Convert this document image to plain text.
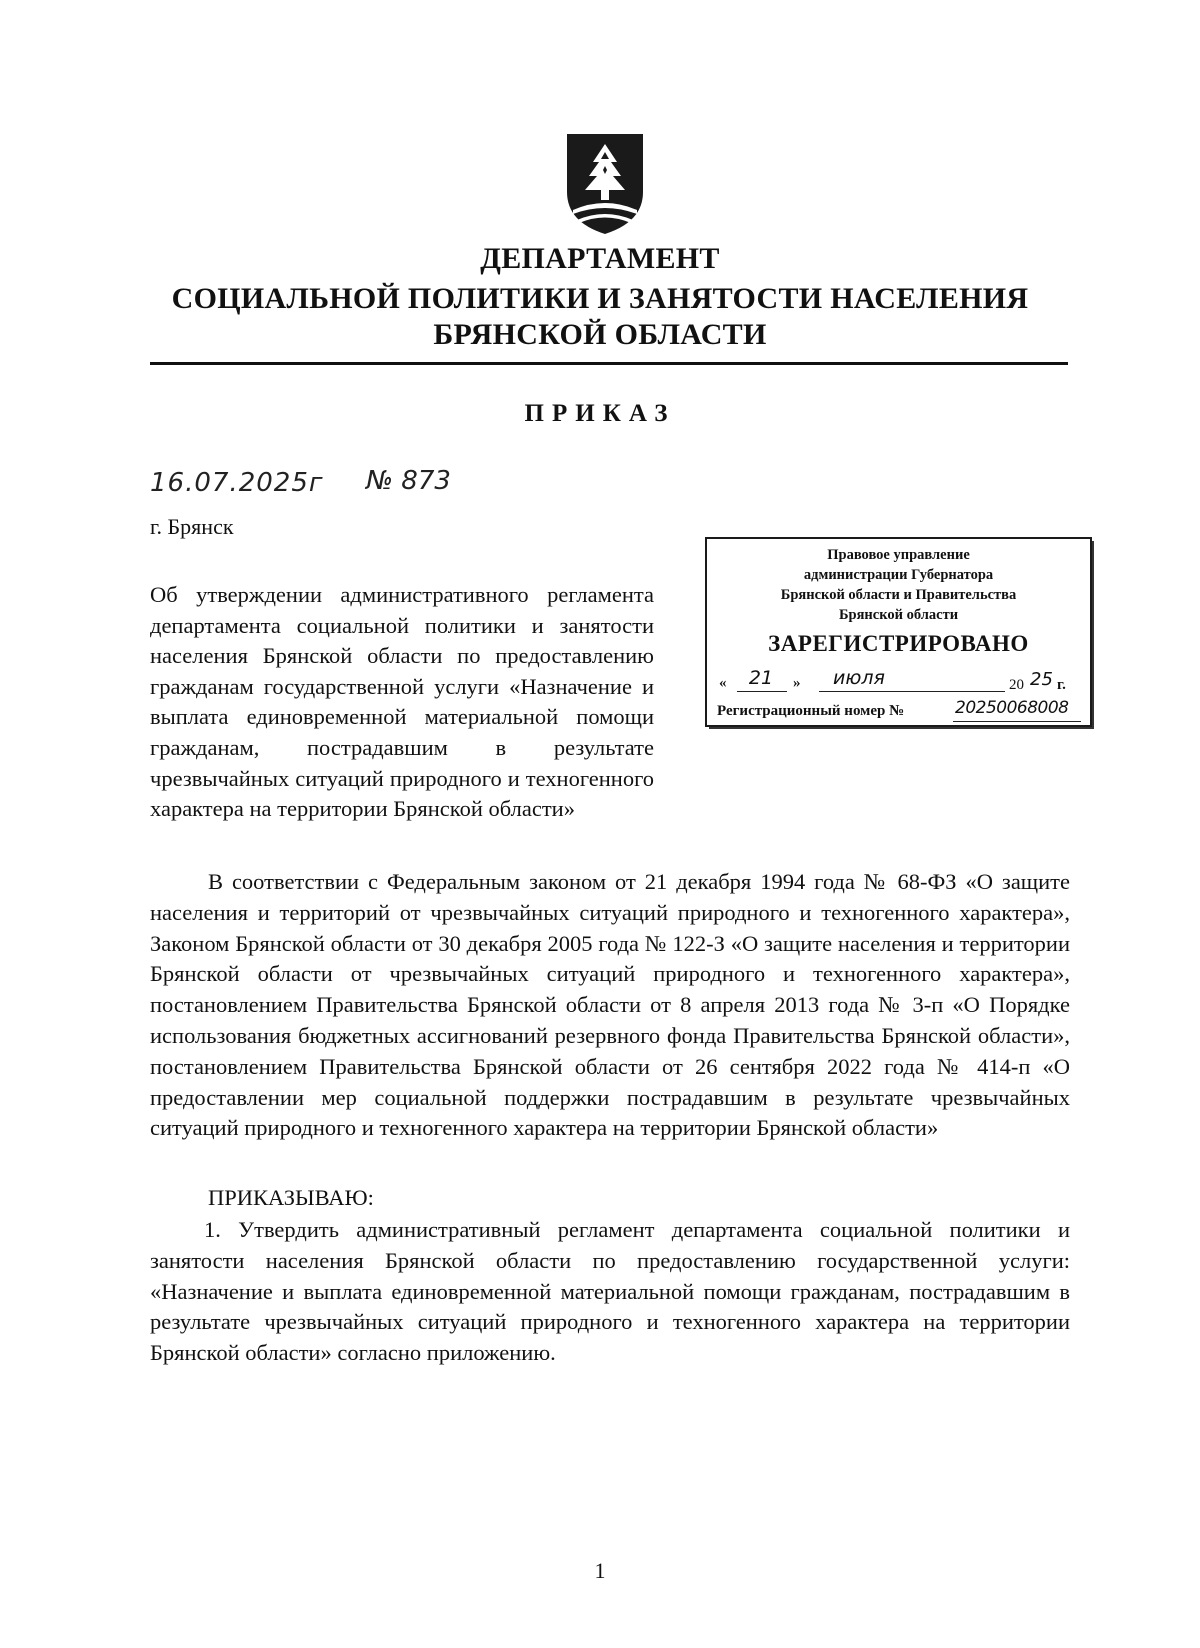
ДЕПАРТАМЕНТ
СОЦИАЛЬНОЙ ПОЛИТИКИ И ЗАНЯТОСТИ НАСЕЛЕНИЯ
БРЯНСКОЙ ОБЛАСТИ
ПРИКАЗ
16.07.2025г № 873
г. Брянск
Об утверждении административного регламента департамента социальной политики и занятости населения Брянской области по предоставлению гражданам государственной услуги «Назначение и выплата единовременной материальной помощи гражданам, пострадавшим в результате чрезвычайных ситуаций природного и техногенного характера на территории Брянской области»
Правовое управление
администрации Губернатора
Брянской области и Правительства
Брянской области
ЗАРЕГИСТРИРОВАНО
«	21	» июля	20 25 г.
Регистрационный номер №	20250068008
В соответствии с Федеральным законом от 21 декабря 1994 года № 68-ФЗ «О защите населения и территорий от чрезвычайных ситуаций природного и техногенного характера», Законом Брянской области от 30 декабря 2005 года № 122-З «О защите населения и территории Брянской области от чрезвычайных ситуаций природного и техногенного характера», постановлением Правительства Брянской области от 8 апреля 2013 года № 3-п «О Порядке использования бюджетных ассигнований резервного фонда Правительства Брянской области», постановлением Правительства Брянской области от 26 сентября 2022 года № 414-п «О предоставлении мер социальной поддержки пострадавшим в результате чрезвычайных ситуаций природного и техногенного характера на территории Брянской области»
ПРИКАЗЫВАЮ:
1. Утвердить административный регламент департамента социальной политики и занятости населения Брянской области по предоставлению государственной услуги: «Назначение и выплата единовременной материальной помощи гражданам, пострадавшим в результате чрезвычайных ситуаций природного и техногенного характера на территории Брянской области» согласно приложению.
1
